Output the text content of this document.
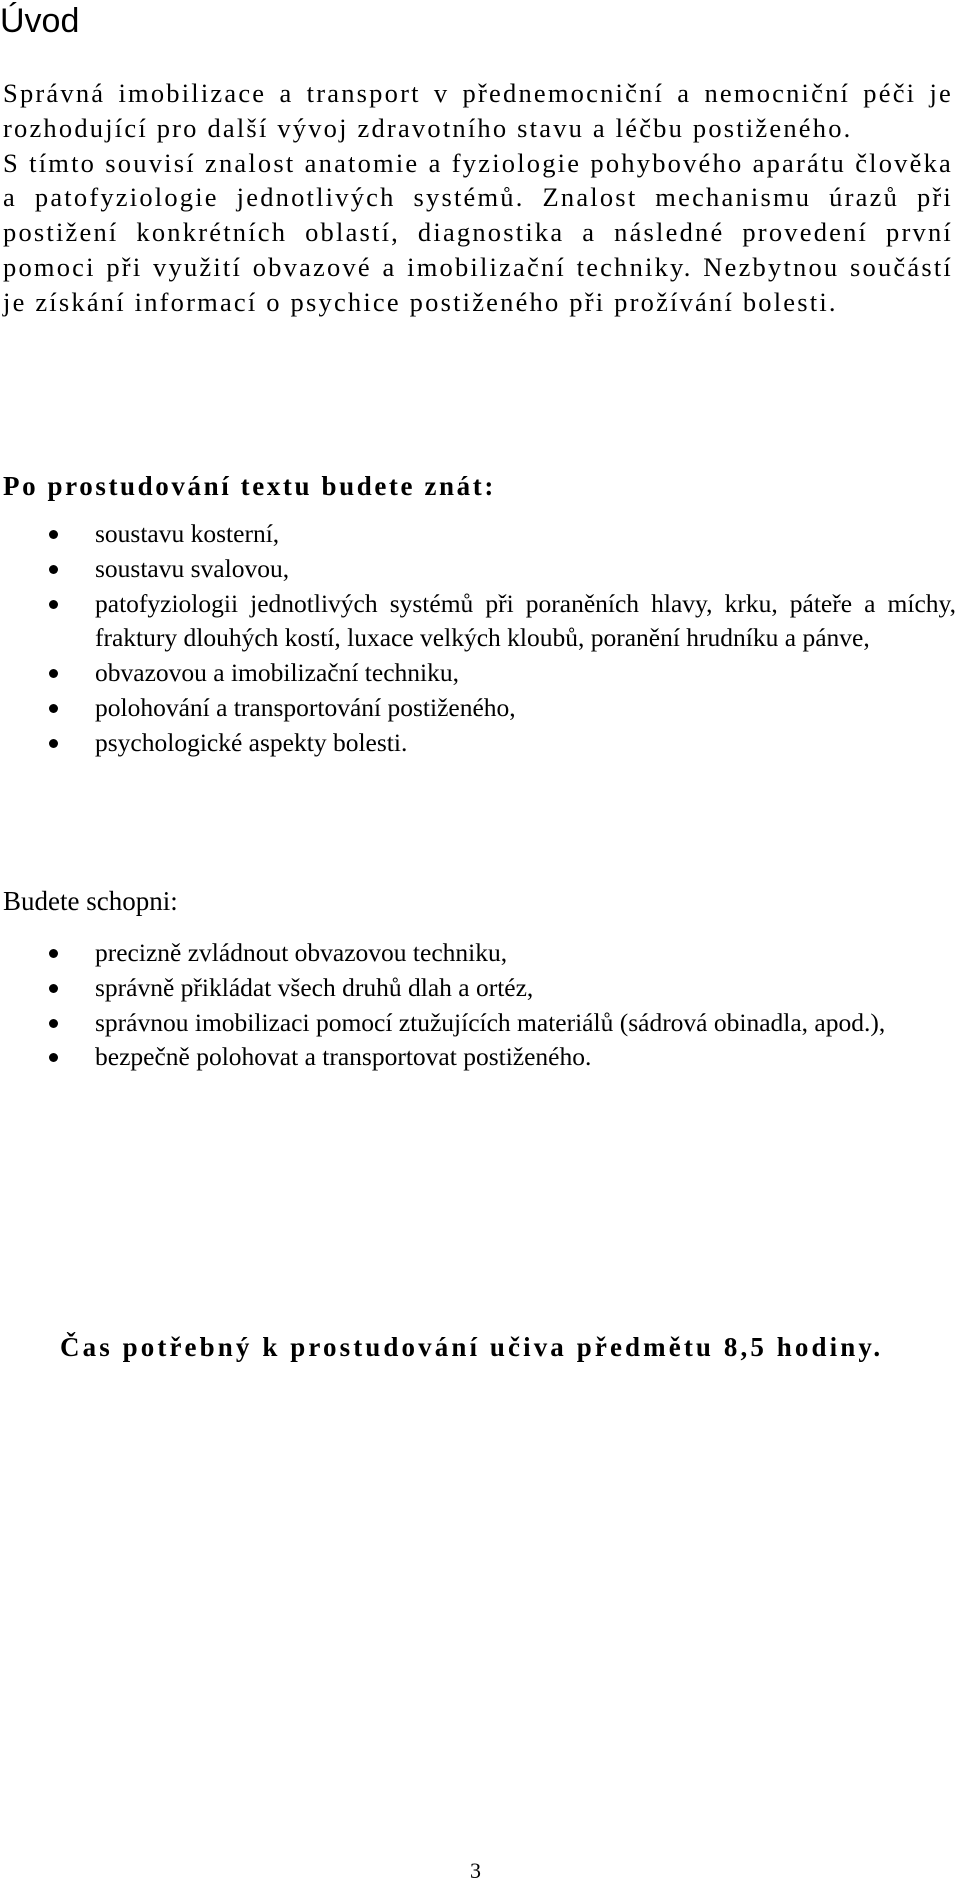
Úvod

Správná imobilizace a transport v přednemocniční a nemocniční péči je rozhodující pro další vývoj zdravotního stavu a léčbu postiženého.

S tímto souvisí znalost anatomie a fyziologie pohybového aparátu člověka a patofyziologie jednotlivých systémů. Znalost mechanismu úrazů při postižení konkrétních oblastí, diagnostika a následné provedení první pomoci při využití obvazové a imobilizační techniky. Nezbytnou součástí je získání informací o psychice postiženého při prožívání bolesti.

Po prostudování textu budete znát:
soustavu kosterní,
soustavu svalovou,
patofyziologii jednotlivých systémů při poraněních hlavy, krku, páteře a míchy, fraktury dlouhých kostí, luxace velkých kloubů, poranění hrudníku a pánve,
obvazovou a imobilizační techniku,
polohování a transportování postiženého,
psychologické aspekty bolesti.
Budete schopni:
precizně zvládnout obvazovou techniku,
správně přikládat všech druhů dlah a ortéz,
správnou imobilizaci pomocí ztužujících materiálů (sádrová obinadla, apod.),
bezpečně polohovat a transportovat postiženého.

Čas potřebný k prostudování učiva předmětu 8,5 hodiny.

3
